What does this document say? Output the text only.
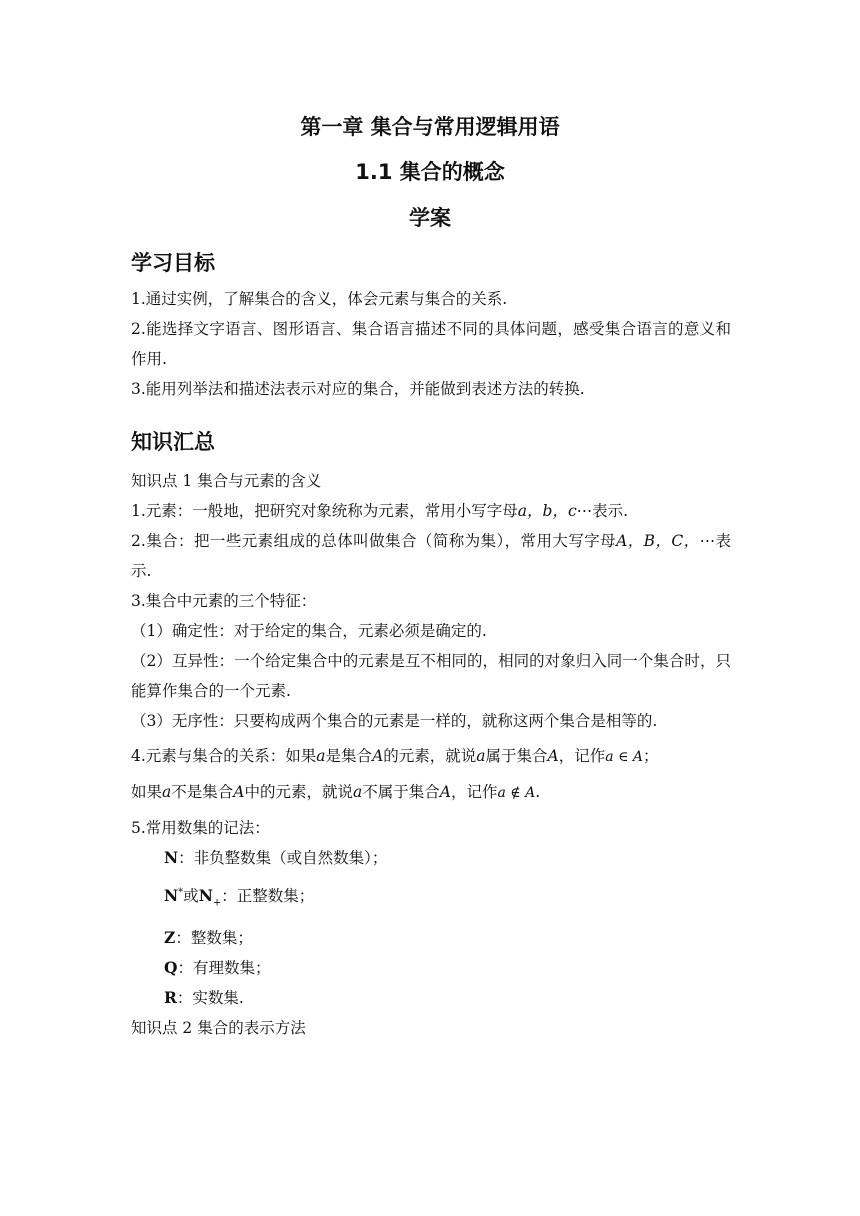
第一章 集合与常用逻辑用语
1.1 集合的概念
学案
学习目标

1.通过实例，了解集合的含义，体会元素与集合的关系.

2.能选择文字语言、图形语言、集合语言描述不同的具体问题，感受集合语言的意义和作用.

3.能用列举法和描述法表示对应的集合，并能做到表述方法的转换.

知识汇总

知识点 1 集合与元素的含义

1.元素：一般地，把研究对象统称为元素，常用小写字母a，b，c⋯表示.

2.集合：把一些元素组成的总体叫做集合（简称为集），常用大写字母A，B，C，⋯表示.

3.集合中元素的三个特征：

（1）确定性：对于给定的集合，元素必须是确定的.

（2）互异性：一个给定集合中的元素是互不相同的，相同的对象归入同一个集合时，只能算作集合的一个元素.

（3）无序性：只要构成两个集合的元素是一样的，就称这两个集合是相等的.

4.元素与集合的关系：如果a是集合A的元素，就说a属于集合A，记作a ∈ A；

如果a不是集合A中的元素，就说a不属于集合A，记作a ∉ A.

5.常用数集的记法：

N：非负整数集（或自然数集）；

N*或$N_+$：正整数集；

Z：整数集；

Q：有理数集；

R：实数集.

知识点 2 集合的表示方法
